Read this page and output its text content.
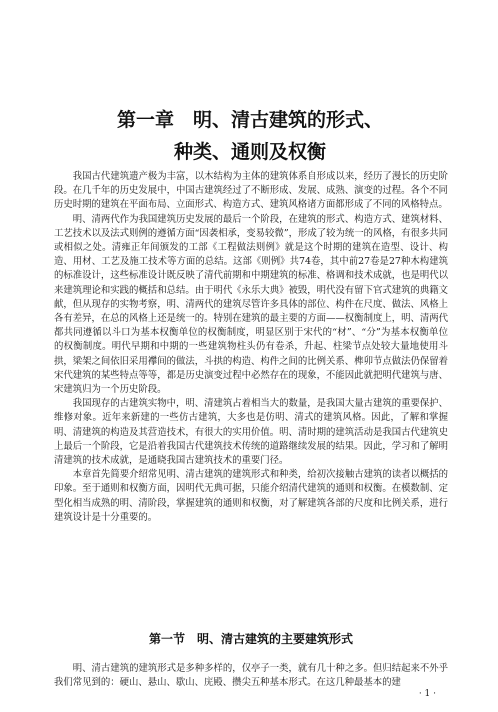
第一章　明、清古建筑的形式、
种类、通则及权衡

我国古代建筑遗产极为丰富，以木结构为主体的建筑体系自形成以来，经历了漫长的历史阶段。在几千年的历史发展中，中国古建筑经过了不断形成、发展、成熟、演变的过程。各个不同历史时期的建筑在平面布局、立面形式、构造方式、建筑风格诸方面都形成了不同的风格特点。

明、清两代作为我国建筑历史发展的最后一个阶段，在建筑的形式、构造方式、建筑材料、工艺技术以及法式则例的遵循方面“因袭相承，变易较微”，形成了较为统一的风格，有很多共同或相似之处。清雍正年间颁发的工部《工程做法则例》就是这个时期的建筑在造型、设计、构造、用材、工艺及施工技术等方面的总结。这部《则例》共74卷，其中前27卷是27种木构建筑的标准设计，这些标准设计既反映了清代前期和中期建筑的标准、格调和技术成就，也是明代以来建筑理论和实践的概括和总结。由于明代《永乐大典》被毁，明代没有留下官式建筑的典籍文献，但从现存的实物考察，明、清两代的建筑尽管许多具体的部位、构件在尺度、做法、风格上各有差异，在总的风格上还是统一的。特别在建筑的最主要的方面——权衡制度上，明、清两代都共同遵循以斗口为基本权衡单位的权衡制度，明显区别于宋代的“材”、“分”为基本权衡单位的权衡制度。明代早期和中期的一些建筑物柱头仍有卷杀，升起、柱梁节点处较大量地使用斗拱，梁架之间依旧采用襻间的做法，斗拱的构造、构件之间的比例关系、榫卯节点做法仍保留着宋代建筑的某些特点等等，都是历史演变过程中必然存在的现象，不能因此就把明代建筑与唐、宋建筑归为一个历史阶段。

我国现存的古建筑实物中，明、清建筑占着相当大的数量，是我国大量古建筑的重要保护、维修对象。近年来新建的一些仿古建筑，大多也是仿明、清式的建筑风格。因此，了解和掌握明、清建筑的构造及其营造技术，有很大的实用价值。明、清时期的建筑活动是我国古代建筑史上最后一个阶段，它是沿着我国古代建筑技术传统的道路继续发展的结果。因此，学习和了解明清建筑的技术成就，是通晓我国古建筑技术的重要门径。

本章首先简要介绍常见明、清古建筑的建筑形式和种类，给初次接触古建筑的读者以概括的印象。至于通则和权衡方面，因明代无典可据，只能介绍清代建筑的通则和权衡。在模数制、定型化相当成熟的明、清阶段，掌握建筑的通则和权衡，对了解建筑各部的尺度和比例关系，进行建筑设计是十分重要的。

第一节　明、清古建筑的主要建筑形式

明、清古建筑的建筑形式是多种多样的，仅亭子一类，就有几十种之多。但归结起来不外乎我们常见到的：硬山、悬山、歇山、庑殿、攒尖五种基本形式。在这几种最基本的建

· 1 ·
